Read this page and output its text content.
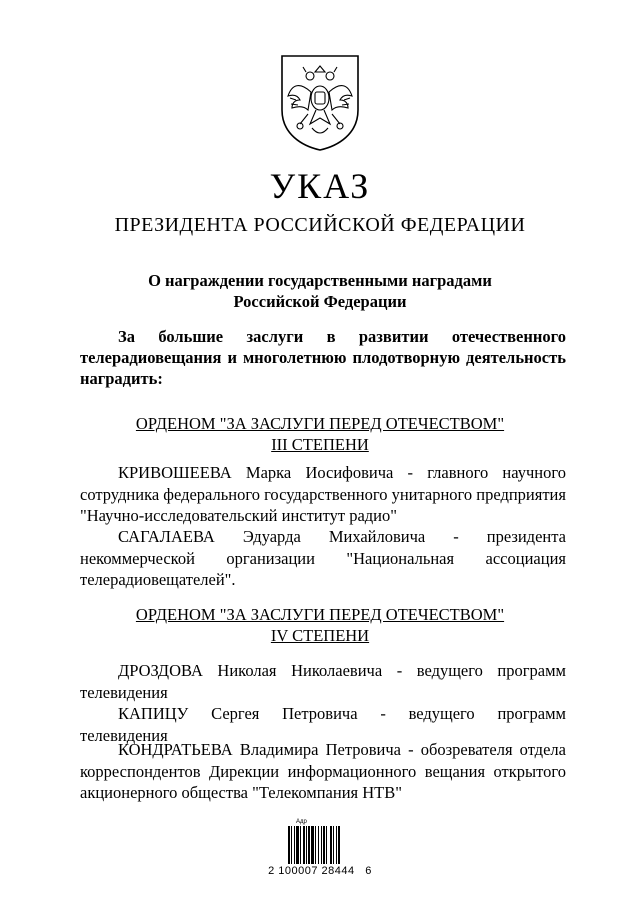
УКАЗ
ПРЕЗИДЕНТА РОССИЙСКОЙ ФЕДЕРАЦИИ
О награждении государственными наградами
Российской Федерации
За большие заслуги в развитии отечественного
телерадиовещания и многолетнюю плодотворную деятельность
наградить:
ОРДЕНОМ "ЗА ЗАСЛУГИ ПЕРЕД ОТЕЧЕСТВОМ"
III СТЕПЕНИ
КРИВОШЕЕВА Марка Иосифовича - главного научного
сотрудника федерального государственного унитарного предприятия
"Научно-исследовательский институт радио"
САГАЛАЕВА Эдуарда Михайловича - президента
некоммерческой организации "Национальная ассоциация
телерадиовещателей".
ОРДЕНОМ "ЗА ЗАСЛУГИ ПЕРЕД ОТЕЧЕСТВОМ"
IV СТЕПЕНИ
ДРОЗДОВА Николая Николаевича - ведущего программ
телевидения
КАПИЦУ Сергея Петровича - ведущего программ
телевидения
КОНДРАТЬЕВА Владимира Петровича - обозревателя отдела
корреспондентов Дирекции информационного вещания открытого
акционерного общества "Телекомпания НТВ"
Адр
2 100007 28444   6
